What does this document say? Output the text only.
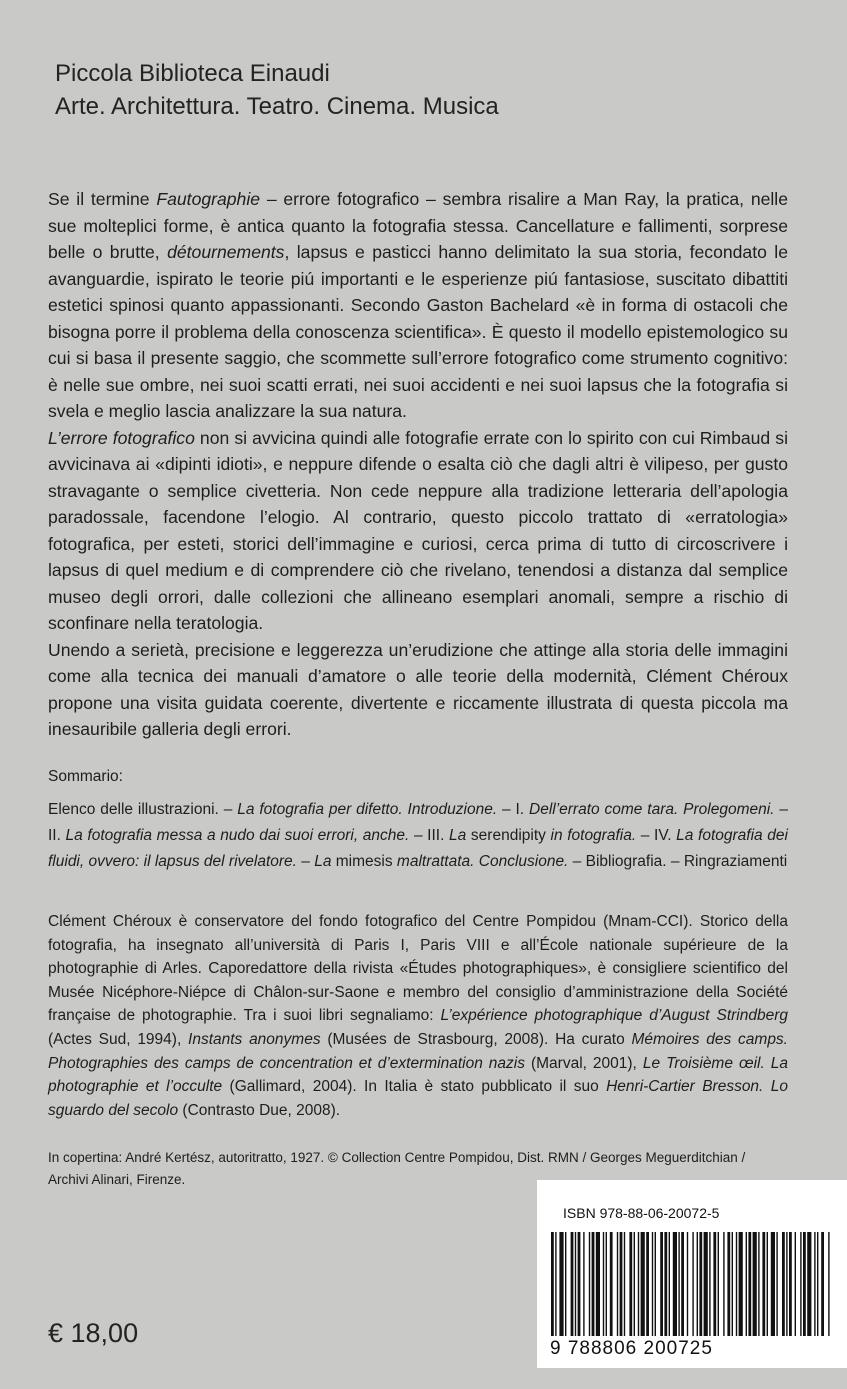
Piccola Biblioteca Einaudi
Arte. Architettura. Teatro. Cinema. Musica

Se il termine Fautographie – errore fotografico – sembra risalire a Man Ray, la pratica, nelle sue molteplici forme, è antica quanto la fotografia stessa. Cancellature e fallimenti, sorprese belle o brutte, détournements, lapsus e pasticci hanno delimitato la sua storia, fecondato le avanguardie, ispirato le teorie piú importanti e le esperienze piú fantasiose, suscitato dibattiti estetici spinosi quanto appassionanti. Secondo Gaston Bachelard «è in forma di ostacoli che bisogna porre il problema della conoscenza scientifica». È questo il modello epistemologico su cui si basa il presente saggio, che scommette sull’errore fotografico come strumento cognitivo: è nelle sue ombre, nei suoi scatti errati, nei suoi accidenti e nei suoi lapsus che la fotografia si svela e meglio lascia analizzare la sua natura.

L’errore fotografico non si avvicina quindi alle fotografie errate con lo spirito con cui Rimbaud si avvicinava ai «dipinti idioti», e neppure difende o esalta ciò che dagli altri è vilipeso, per gusto stravagante o semplice civetteria. Non cede neppure alla tradizione letteraria dell’apologia paradossale, facendone l’elogio. Al contrario, questo piccolo trattato di «erratologia» fotografica, per esteti, storici dell’immagine e curiosi, cerca prima di tutto di circoscrivere i lapsus di quel medium e di comprendere ciò che rivelano, tenendosi a distanza dal semplice museo degli orrori, dalle collezioni che allineano esemplari anomali, sempre a rischio di sconfinare nella teratologia.

Unendo a serietà, precisione e leggerezza un’erudizione che attinge alla storia delle immagini come alla tecnica dei manuali d’amatore o alle teorie della modernità, Clément Chéroux propone una visita guidata coerente, divertente e riccamente illustrata di questa piccola ma inesauribile galleria degli errori.

Sommario:
Elenco delle illustrazioni. – La fotografia per difetto. Introduzione. – I. Dell’errato come tara. Prolegomeni. – II. La fotografia messa a nudo dai suoi errori, anche. – III. La serendipity in fotografia. – IV. La fotografia dei fluidi, ovvero: il lapsus del rivelatore. – La mimesis maltrattata. Conclusione. – Bibliografia. – Ringraziamenti
Clément Chéroux è conservatore del fondo fotografico del Centre Pompidou (Mnam-CCI). Storico della fotografia, ha insegnato all’università di Paris I, Paris VIII e all’École nationale supérieure de la photographie di Arles. Caporedattore della rivista «Études photographiques», è consigliere scientifico del Musée Nicéphore-Niépce di Châlon-sur-Saone e membro del consiglio d’amministrazione della Société française de photographie. Tra i suoi libri segnaliamo: L’expérience photographique d’August Strindberg (Actes Sud, 1994), Instants anonymes (Musées de Strasbourg, 2008). Ha curato Mémoires des camps. Photographies des camps de concentration et d’extermination nazis (Marval, 2001), Le Troisième œil. La photographie et l’occulte (Gallimard, 2004). In Italia è stato pubblicato il suo Henri-Cartier Bresson. Lo sguardo del secolo (Contrasto Due, 2008).
In copertina: André Kertész, autoritratto, 1927. © Collection Centre Pompidou, Dist. RMN / Georges Meguerditchian / Archivi Alinari, Firenze.
ISBN 978-88-06-20072-5
9 788806 200725
€ 18,00
